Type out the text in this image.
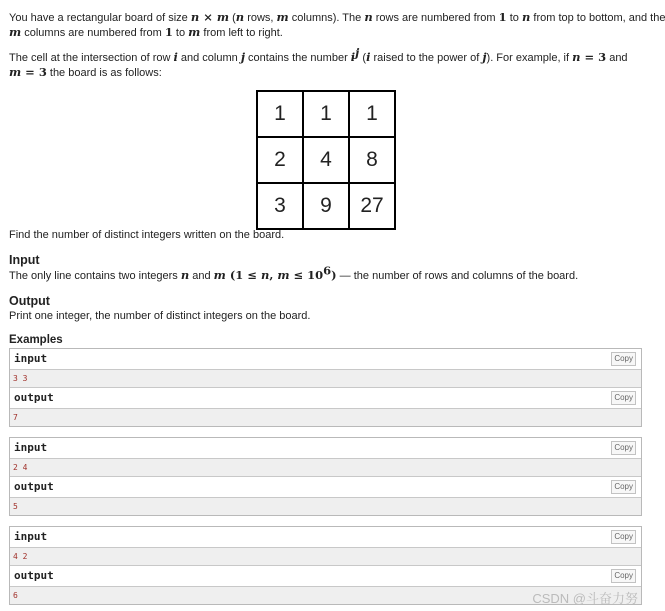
You have a rectangular board of size n × m (n rows, m columns). The n rows are numbered from 1 to n from top to bottom, and the
m columns are numbered from 1 to m from left to right.
The cell at the intersection of row i and column j contains the number $i^j$ (i raised to the power of j). For example, if n = 3 and
m = 3 the board is as follows:
1	1	1
2	4	8
3	9	27
Find the number of distinct integers written on the board.
Input
The only line contains two integers n and m (1 ≤ n, $m \le 10^6$) — the number of rows and columns of the board.
Output
Print one integer, the number of distinct integers on the board.
Examples
input	Copy
3 3
output	Copy
7
input	Copy
2 4
output	Copy
5
input	Copy
4 2
output	Copy
6	CSDN @斗奋力努
